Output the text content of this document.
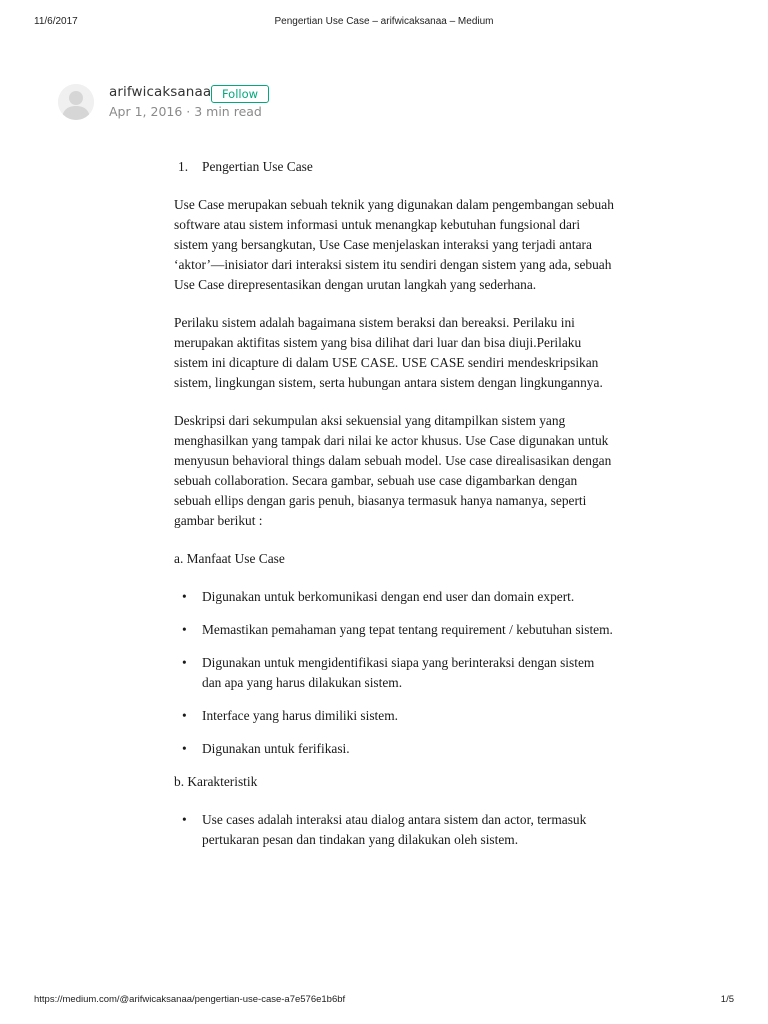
11/6/2017	Pengertian Use Case – arifwicaksanaa – Medium
arifwicaksanaa Follow
Apr 1, 2016 · 3 min read
1. Pengertian Use Case

Use Case merupakan sebuah teknik yang digunakan dalam pengembangan sebuah software atau sistem informasi untuk menangkap kebutuhan fungsional dari sistem yang bersangkutan, Use Case menjelaskan interaksi yang terjadi antara ‘aktor’—inisiator dari interaksi sistem itu sendiri dengan sistem yang ada, sebuah Use Case direpresentasikan dengan urutan langkah yang sederhana.

Perilaku sistem adalah bagaimana sistem beraksi dan bereaksi. Perilaku ini merupakan aktifitas sistem yang bisa dilihat dari luar dan bisa diuji.Perilaku sistem ini dicapture di dalam USE CASE. USE CASE sendiri mendeskripsikan sistem, lingkungan sistem, serta hubungan antara sistem dengan lingkungannya.

Deskripsi dari sekumpulan aksi sekuensial yang ditampilkan sistem yang menghasilkan yang tampak dari nilai ke actor khusus. Use Case digunakan untuk menyusun behavioral things dalam sebuah model. Use case direalisasikan dengan sebuah collaboration. Secara gambar, sebuah use case digambarkan dengan sebuah ellips dengan garis penuh, biasanya termasuk hanya namanya, seperti gambar berikut :

a. Manfaat Use Case
• Digunakan untuk berkomunikasi dengan end user dan domain expert.
• Memastikan pemahaman yang tepat tentang requirement / kebutuhan sistem.
• Digunakan untuk mengidentifikasi siapa yang berinteraksi dengan sistem dan apa yang harus dilakukan sistem.
• Interface yang harus dimiliki sistem.
• Digunakan untuk ferifikasi.
b. Karakteristik
• Use cases adalah interaksi atau dialog antara sistem dan actor, termasuk pertukaran pesan dan tindakan yang dilakukan oleh sistem.
https://medium.com/@arifwicaksanaa/pengertian-use-case-a7e576e1b6bf	1/5
